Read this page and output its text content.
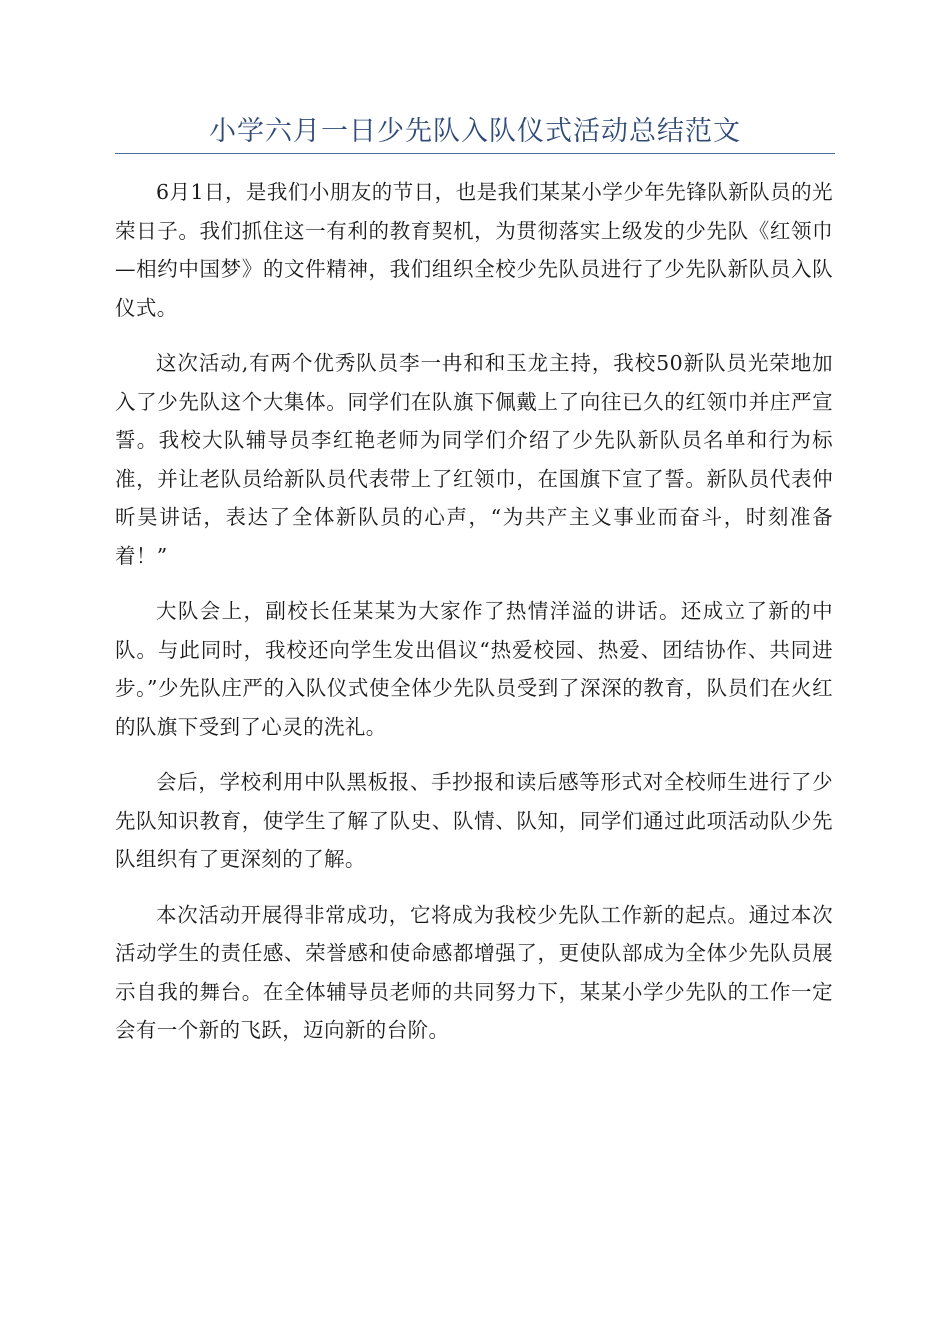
小学六月一日少先队入队仪式活动总结范文

6月1日，是我们小朋友的节日，也是我们某某小学少年先锋队新队员的光荣日子。我们抓住这一有利的教育契机，为贯彻落实上级发的少先队《红领巾—相约中国梦》的文件精神，我们组织全校少先队员进行了少先队新队员入队仪式。

这次活动,有两个优秀队员李一冉和和玉龙主持，我校50新队员光荣地加入了少先队这个大集体。同学们在队旗下佩戴上了向往已久的红领巾并庄严宣誓。我校大队辅导员李红艳老师为同学们介绍了少先队新队员名单和行为标准，并让老队员给新队员代表带上了红领巾，在国旗下宣了誓。新队员代表仲昕昊讲话，表达了全体新队员的心声，“为共产主义事业而奋斗，时刻准备着！”

大队会上，副校长任某某为大家作了热情洋溢的讲话。还成立了新的中队。与此同时，我校还向学生发出倡议“热爱校园、热爱、团结协作、共同进步。”少先队庄严的入队仪式使全体少先队员受到了深深的教育，队员们在火红的队旗下受到了心灵的洗礼。

会后，学校利用中队黑板报、手抄报和读后感等形式对全校师生进行了少先队知识教育，使学生了解了队史、队情、队知，同学们通过此项活动队少先队组织有了更深刻的了解。

本次活动开展得非常成功，它将成为我校少先队工作新的起点。通过本次活动学生的责任感、荣誉感和使命感都增强了，更使队部成为全体少先队员展示自我的舞台。在全体辅导员老师的共同努力下，某某小学少先队的工作一定会有一个新的飞跃，迈向新的台阶。
